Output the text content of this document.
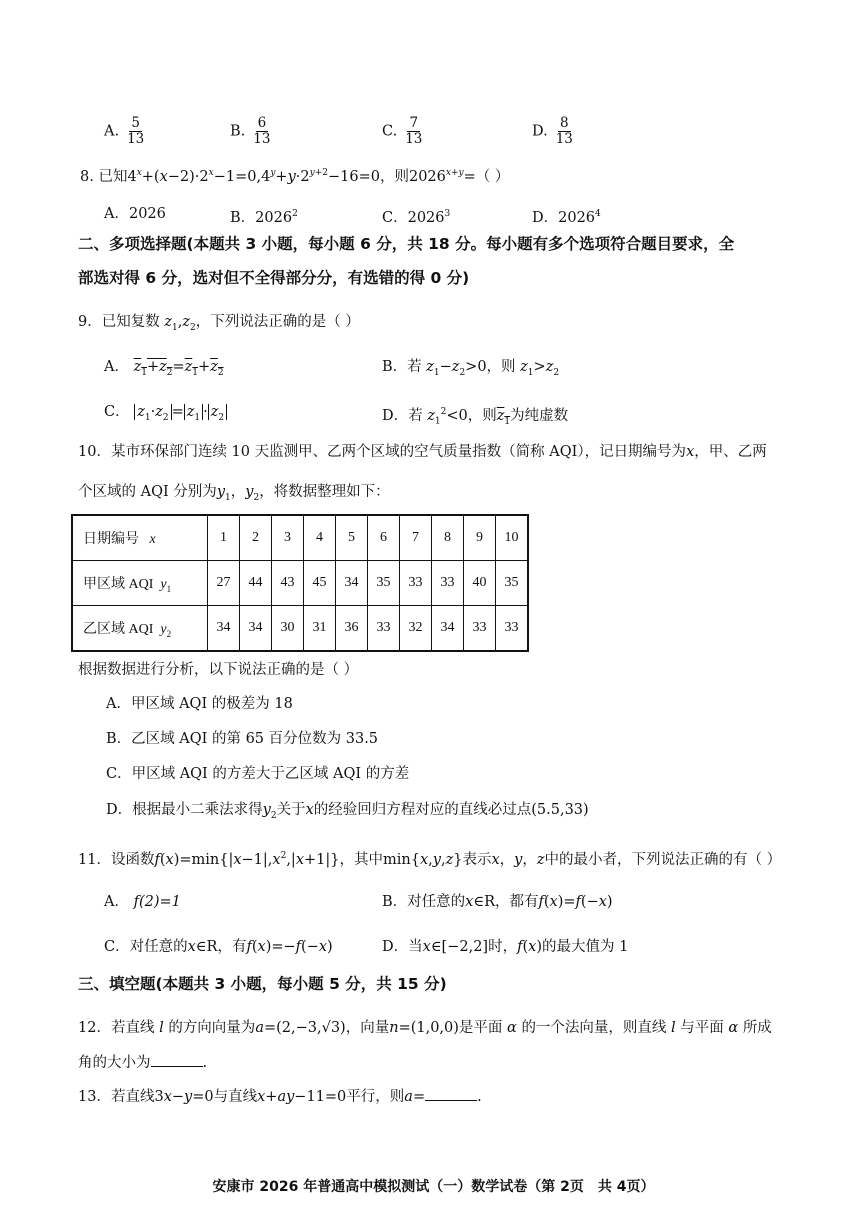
A. $\frac{5}{13}$	B. $\frac{6}{13}$	C. $\frac{7}{13}$	D. $\frac{8}{13}$
8. 已知$4^x+(x-2)\cdot 2^x-1=0,4^y+y\cdot 2^{y+2}-16=0$，则$2026^{x+y}=$（ ）
A．2026	B．2026$^2$	C．2026$^3$	D．2026$^4$
二、多项选择题(本题共 3 小题，每小题 6 分，共 18 分。每小题有多个选项符合题目要求，全
部选对得 6 分，选对但不全得部分分，有选错的得 0 分)
9．已知复数 $z_1,z_2$，下列说法正确的是（ ）
A． $z_1+z_2=z_1+z_2$	B．若 $z_1-z_2>0$，则 $z_1>z_2$
C． $z_1\cdot z_2 = z_1 \cdot z_2$	D．若 $z_1^2<0$，则$z_1$为纯虚数
10．某市环保部门连续 10 天监测甲、乙两个区域的空气质量指数（简称 AQI），记日期编号为x，甲、乙两
个区域的 AQI 分别为$y_1$，$y_2$，将数据整理如下：
日期编号 x	1	2	3	4	5	6	7	8	9	10
甲区域 AQI $y_1$	27	44	43	45	34	35	33	33	40	35
乙区域 AQI $y_2$	34	34	30	31	36	33	32	34	33	33
根据数据进行分析，以下说法正确的是（ ）
A．甲区域 AQI 的极差为 18
B．乙区域 AQI 的第 65 百分位数为 33.5
C．甲区域 AQI 的方差大于乙区域 AQI 的方差
D．根据最小二乘法求得$y_2$关于x的经验回归方程对应的直线必过点(5.5,33)
11．设函数$f(x)=\min\{|x-1|,x^2,|x+1|\}$，其中min{x,y,z}表示x，y，z中的最小者，下列说法正确的有（ ）
A． f(2)=1	B．对任意的x∈R，都有f(x)=f(−x)
C．对任意的x∈R，有f(x)=−f(−x)	D．当x∈[−2,2]时，f(x)的最大值为 1
三、填空题(本题共 3 小题，每小题 5 分，共 15 分)
12．若直线 l 的方向向量为a=(2,−3,√3)，向量n=(1,0,0)是平面 α 的一个法向量，则直线 l 与平面 α 所成
角的大小为	.
13．若直线3x−y=0与直线x+ay−11=0平行，则a=	.
安康市 2026 年普通高中模拟测试（一）数学试卷（第 2页　共 4页）
